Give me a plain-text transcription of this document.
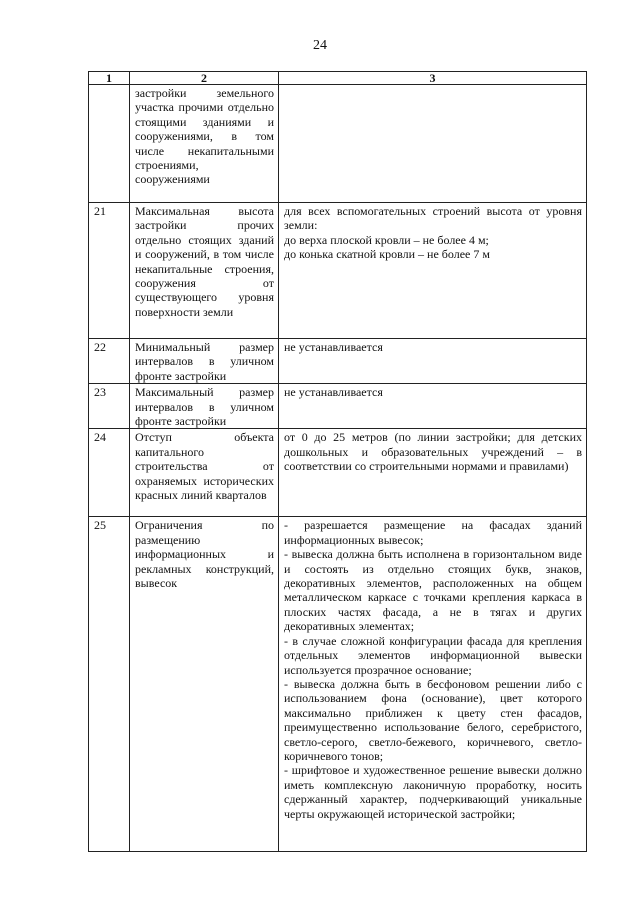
24
1	2	3
	застройки земельного участка прочими отдельно стоящими зданиями и сооружениями, в том числе некапитальными строениями, сооружениями	
21	Максимальная высота застройки прочих отдельно стоящих зданий и сооружений, в том числе некапитальные строения, сооружения от существующего уровня поверхности земли	для всех вспомогательных строений высота от уровня земли:

до верха плоской кровли – не более 4 м;

до конька скатной кровли – не более 7 м

22	Минимальный размер интервалов в уличном фронте застройки	не устанавливается

23	Максимальный размер интервалов в уличном фронте застройки	не устанавливается

24	Отступ объекта капитального строительства от охраняемых исторических красных линий кварталов	от 0 до 25 метров (по линии застройки; для детских дошкольных и образовательных учреждений – в соответствии со строительными нормами и правилами)

25	Ограничения по размещению информационных и рекламных конструкций, вывесок	- разрешается размещение на фасадах зданий информационных вывесок;

- вывеска должна быть исполнена в горизонтальном виде и состоять из отдельно стоящих букв, знаков, декоративных элементов, расположенных на общем металлическом каркасе с точками крепления каркаса в плоских частях фасада, а не в тягах и других декоративных элементах;

- в случае сложной конфигурации фасада для крепления отдельных элементов информационной вывески используется прозрачное основание;

- вывеска должна быть в бесфоновом решении либо с использованием фона (основание), цвет которого максимально приближен к цвету стен фасадов, преимущественно использование белого, серебристого, светло-серого, светло-бежевого, коричневого, светло-коричневого тонов;

- шрифтовое и художественное решение вывески должно иметь комплексную лаконичную проработку, носить сдержанный характер, подчеркивающий уникальные черты окружающей исторической застройки;
